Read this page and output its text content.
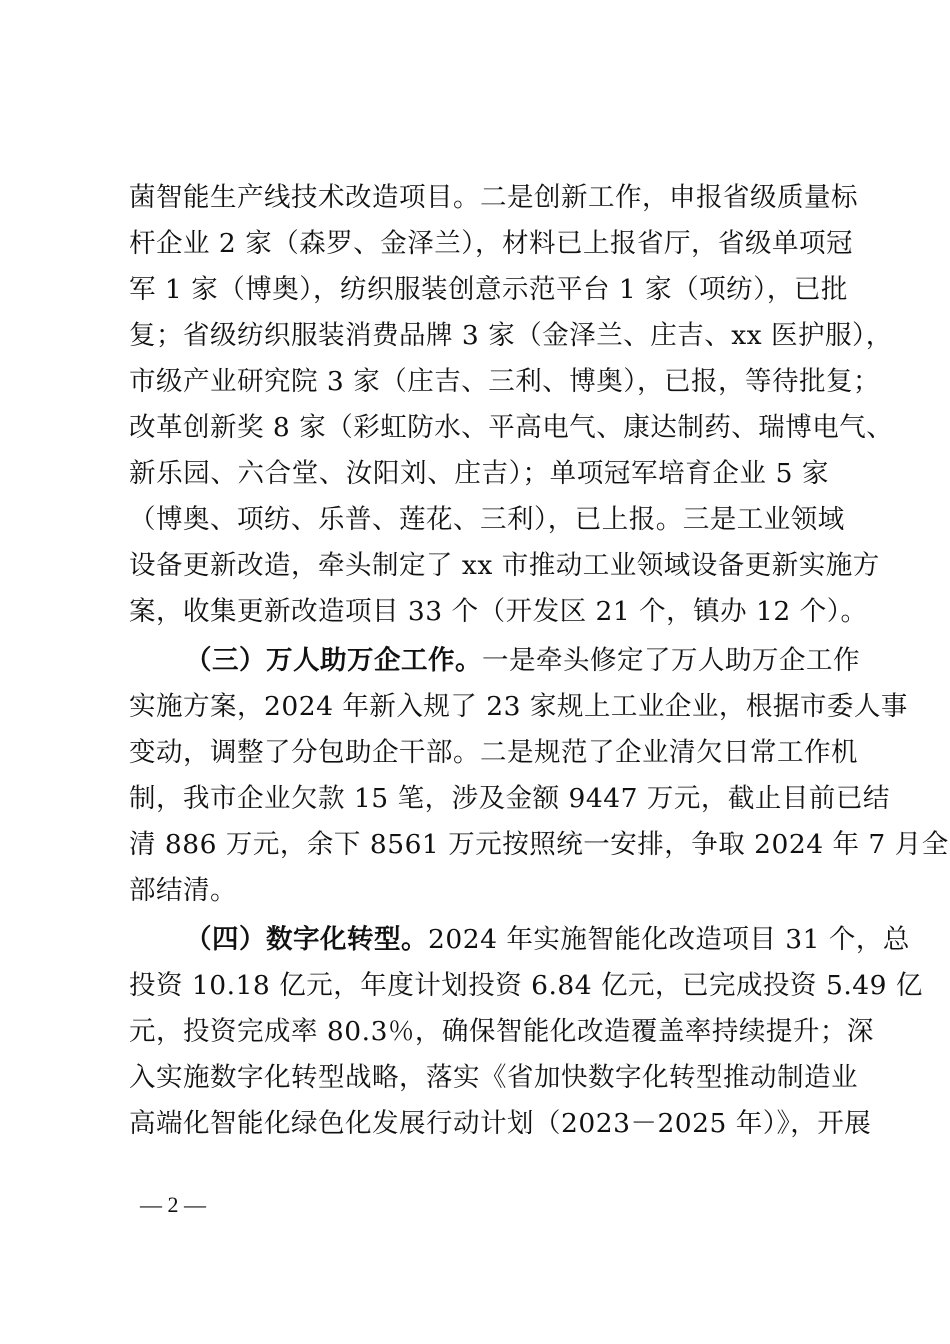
菌智能生产线技术改造项目。二是创新工作，申报省级质量标
杆企业 2 家（森罗、金泽兰），材料已上报省厅，省级单项冠
军 1 家（博奥），纺织服装创意示范平台 1 家（项纺），已批
复；省级纺织服装消费品牌 3 家（金泽兰、庄吉、xx 医护服），
市级产业研究院 3 家（庄吉、三利、博奥），已报，等待批复；
改革创新奖 8 家（彩虹防水、平高电气、康达制药、瑞博电气、
新乐园、六合堂、汝阳刘、庄吉）；单项冠军培育企业 5 家
（博奥、项纺、乐普、莲花、三利），已上报。三是工业领域
设备更新改造，牵头制定了 xx 市推动工业领域设备更新实施方
案，收集更新改造项目 33 个（开发区 21 个，镇办 12 个）。
（三）万人助万企工作。一是牵头修定了万人助万企工作
实施方案，2024 年新入规了 23 家规上工业企业，根据市委人事
变动，调整了分包助企干部。二是规范了企业清欠日常工作机
制，我市企业欠款 15 笔，涉及金额 9447 万元，截止目前已结
清 886 万元，余下 8561 万元按照统一安排，争取 2024 年 7 月全
部结清。
（四）数字化转型。2024 年实施智能化改造项目 31 个，总
投资 10.18 亿元，年度计划投资 6.84 亿元，已完成投资 5.49 亿
元，投资完成率 80.3％，确保智能化改造覆盖率持续提升；深
入实施数字化转型战略，落实《省加快数字化转型推动制造业
高端化智能化绿色化发展行动计划（2023－2025 年）》，开展
— 2 —
